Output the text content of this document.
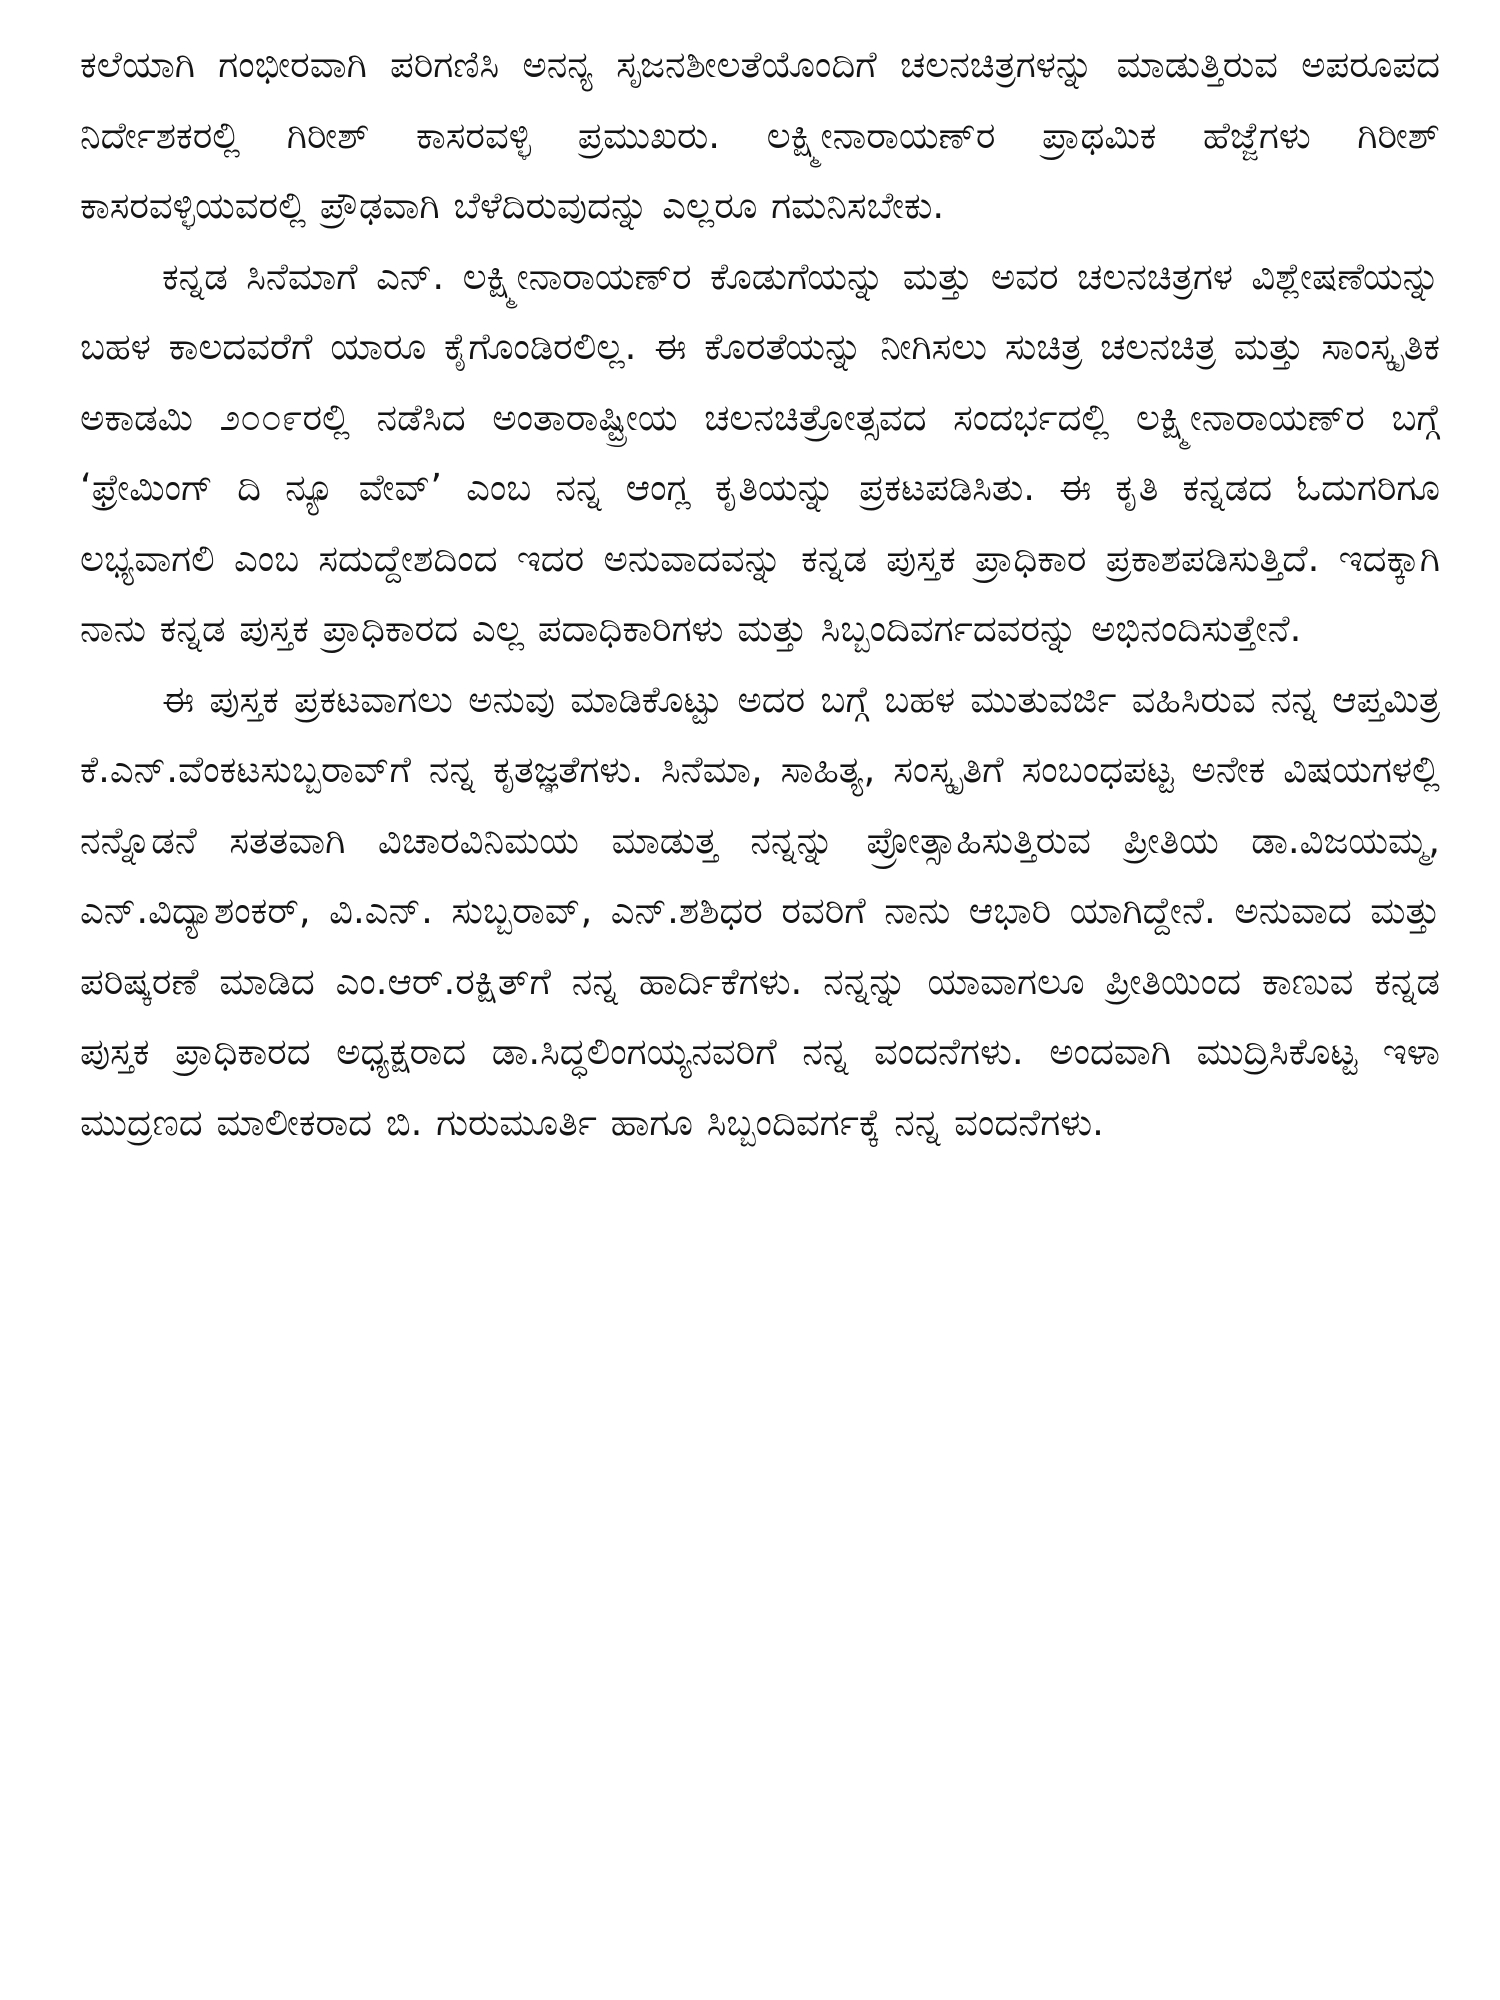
ಕಲೆಯಾಗಿ ಗಂಭೀರವಾಗಿ ಪರಿಗಣಿಸಿ ಅನನ್ಯ ಸೃಜನಶೀಲತೆಯೊಂದಿಗೆ ಚಲನಚಿತ್ರಗಳನ್ನು ಮಾಡುತ್ತಿರುವ ಅಪರೂಪದ ನಿರ್ದೇಶಕರಲ್ಲಿ ಗಿರೀಶ್ ಕಾಸರವಳ್ಳಿ ಪ್ರಮುಖರು. ಲಕ್ಷ್ಮೀನಾರಾಯಣ್‌ರ ಪ್ರಾಥಮಿಕ ಹೆಜ್ಜೆಗಳು ಗಿರೀಶ್ ಕಾಸರವಳ್ಳಿಯವರಲ್ಲಿ ಪ್ರೌಢವಾಗಿ ಬೆಳೆದಿರುವುದನ್ನು ಎಲ್ಲರೂ ಗಮನಿಸಬೇಕು.

ಕನ್ನಡ ಸಿನೆಮಾಗೆ ಎನ್. ಲಕ್ಷ್ಮೀನಾರಾಯಣ್‌ರ ಕೊಡುಗೆಯನ್ನು ಮತ್ತು ಅವರ ಚಲನಚಿತ್ರಗಳ ವಿಶ್ಲೇಷಣೆಯನ್ನು ಬಹಳ ಕಾಲದವರೆಗೆ ಯಾರೂ ಕೈಗೊಂಡಿರಲಿಲ್ಲ. ಈ ಕೊರತೆಯನ್ನು ನೀಗಿಸಲು ಸುಚಿತ್ರ ಚಲನಚಿತ್ರ ಮತ್ತು ಸಾಂಸ್ಕೃತಿಕ ಅಕಾಡಮಿ ೨೦೦೯ರಲ್ಲಿ ನಡೆಸಿದ ಅಂತಾರಾಷ್ಟ್ರೀಯ ಚಲನಚಿತ್ರೋತ್ಸವದ ಸಂದರ್ಭದಲ್ಲಿ ಲಕ್ಷ್ಮೀನಾರಾಯಣ್‌ರ ಬಗ್ಗೆ ‘ಫ್ರೇಮಿಂಗ್ ದಿ ನ್ಯೂ ವೇವ್’ ಎಂಬ ನನ್ನ ಆಂಗ್ಲ ಕೃತಿಯನ್ನು ಪ್ರಕಟಪಡಿಸಿತು. ಈ ಕೃತಿ ಕನ್ನಡದ ಓದುಗರಿಗೂ ಲಭ್ಯವಾಗಲಿ ಎಂಬ ಸದುದ್ದೇಶದಿಂದ ಇದರ ಅನುವಾದವನ್ನು ಕನ್ನಡ ಪುಸ್ತಕ ಪ್ರಾಧಿಕಾರ ಪ್ರಕಾಶಪಡಿಸುತ್ತಿದೆ. ಇದಕ್ಕಾಗಿ ನಾನು ಕನ್ನಡ ಪುಸ್ತಕ ಪ್ರಾಧಿಕಾರದ ಎಲ್ಲ ಪದಾಧಿಕಾರಿಗಳು ಮತ್ತು ಸಿಬ್ಬಂದಿವರ್ಗದವರನ್ನು ಅಭಿನಂದಿಸುತ್ತೇನೆ.

ಈ ಪುಸ್ತಕ ಪ್ರಕಟವಾಗಲು ಅನುವು ಮಾಡಿಕೊಟ್ಟು ಅದರ ಬಗ್ಗೆ ಬಹಳ ಮುತುವರ್ಜಿ ವಹಿಸಿರುವ ನನ್ನ ಆಪ್ತಮಿತ್ರ ಕೆ.ಎನ್.ವೆಂಕಟಸುಬ್ಬರಾವ್‌ಗೆ ನನ್ನ ಕೃತಜ್ಞತೆಗಳು. ಸಿನೆಮಾ, ಸಾಹಿತ್ಯ, ಸಂಸ್ಕೃತಿಗೆ ಸಂಬಂಧಪಟ್ಟ ಅನೇಕ ವಿಷಯಗಳಲ್ಲಿ ನನ್ನೊಡನೆ ಸತತವಾಗಿ ವಿಚಾರವಿನಿಮಯ ಮಾಡುತ್ತ ನನ್ನನ್ನು ಪ್ರೋತ್ಸಾಹಿಸುತ್ತಿರುವ ಪ್ರೀತಿಯ ಡಾ.ವಿಜಯಮ್ಮ, ಎನ್.ವಿದ್ಯಾಶಂಕರ್, ವಿ.ಎನ್. ಸುಬ್ಬರಾವ್, ಎನ್.ಶಶಿಧರ ರವರಿಗೆ ನಾನು ಆಭಾರಿ ಯಾಗಿದ್ದೇನೆ. ಅನುವಾದ ಮತ್ತು ಪರಿಷ್ಕರಣೆ ಮಾಡಿದ ಎಂ.ಆರ್.ರಕ್ಷಿತ್‌ಗೆ ನನ್ನ ಹಾರ್ದಿಕೆಗಳು. ನನ್ನನ್ನು ಯಾವಾಗಲೂ ಪ್ರೀತಿಯಿಂದ ಕಾಣುವ ಕನ್ನಡ ಪುಸ್ತಕ ಪ್ರಾಧಿಕಾರದ ಅಧ್ಯಕ್ಷರಾದ ಡಾ.ಸಿದ್ಧಲಿಂಗಯ್ಯನವರಿಗೆ ನನ್ನ ವಂದನೆಗಳು. ಅಂದವಾಗಿ ಮುದ್ರಿಸಿಕೊಟ್ಟ ಇಳಾ ಮುದ್ರಣದ ಮಾಲೀಕರಾದ ಬಿ. ಗುರುಮೂರ್ತಿ ಹಾಗೂ ಸಿಬ್ಬಂದಿವರ್ಗಕ್ಕೆ ನನ್ನ ವಂದನೆಗಳು.
